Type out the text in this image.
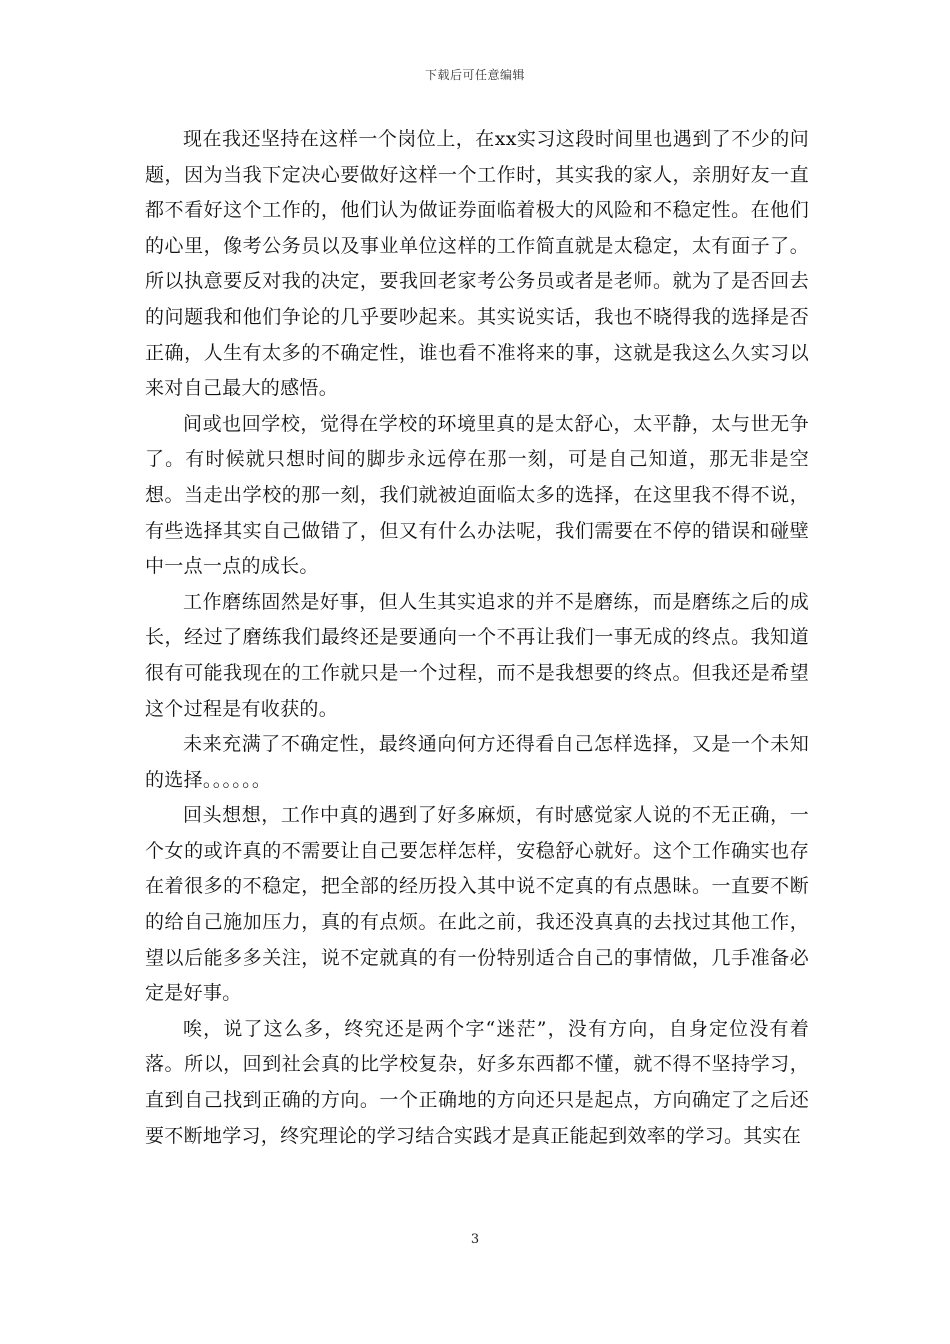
下载后可任意编辑

现在我还坚持在这样一个岗位上，在xx实习这段时间里也遇到了不少的问题，因为当我下定决心要做好这样一个工作时，其实我的家人，亲朋好友一直都不看好这个工作的，他们认为做证券面临着极大的风险和不稳定性。在他们的心里，像考公务员以及事业单位这样的工作简直就是太稳定，太有面子了。所以执意要反对我的决定，要我回老家考公务员或者是老师。就为了是否回去的问题我和他们争论的几乎要吵起来。其实说实话，我也不晓得我的选择是否正确，人生有太多的不确定性，谁也看不准将来的事，这就是我这么久实习以来对自己最大的感悟。

间或也回学校，觉得在学校的环境里真的是太舒心，太平静，太与世无争了。有时候就只想时间的脚步永远停在那一刻，可是自己知道，那无非是空想。当走出学校的那一刻，我们就被迫面临太多的选择，在这里我不得不说，有些选择其实自己做错了，但又有什么办法呢，我们需要在不停的错误和碰壁中一点一点的成长。

工作磨练固然是好事，但人生其实追求的并不是磨练，而是磨练之后的成长，经过了磨练我们最终还是要通向一个不再让我们一事无成的终点。我知道很有可能我现在的工作就只是一个过程，而不是我想要的终点。但我还是希望这个过程是有收获的。

未来充满了不确定性，最终通向何方还得看自己怎样选择，又是一个未知的选择。。。。。。

回头想想，工作中真的遇到了好多麻烦，有时感觉家人说的不无正确，一个女的或许真的不需要让自己要怎样怎样，安稳舒心就好。这个工作确实也存在着很多的不稳定，把全部的经历投入其中说不定真的有点愚昧。一直要不断的给自己施加压力，真的有点烦。在此之前，我还没真真的去找过其他工作，望以后能多多关注，说不定就真的有一份特别适合自己的事情做，几手准备必定是好事。

唉，说了这么多，终究还是两个字“迷茫”，没有方向，自身定位没有着落。所以，回到社会真的比学校复杂，好多东西都不懂，就不得不坚持学习，直到自己找到正确的方向。一个正确地的方向还只是起点，方向确定了之后还要不断地学习，终究理论的学习结合实践才是真正能起到效率的学习。其实在

3
